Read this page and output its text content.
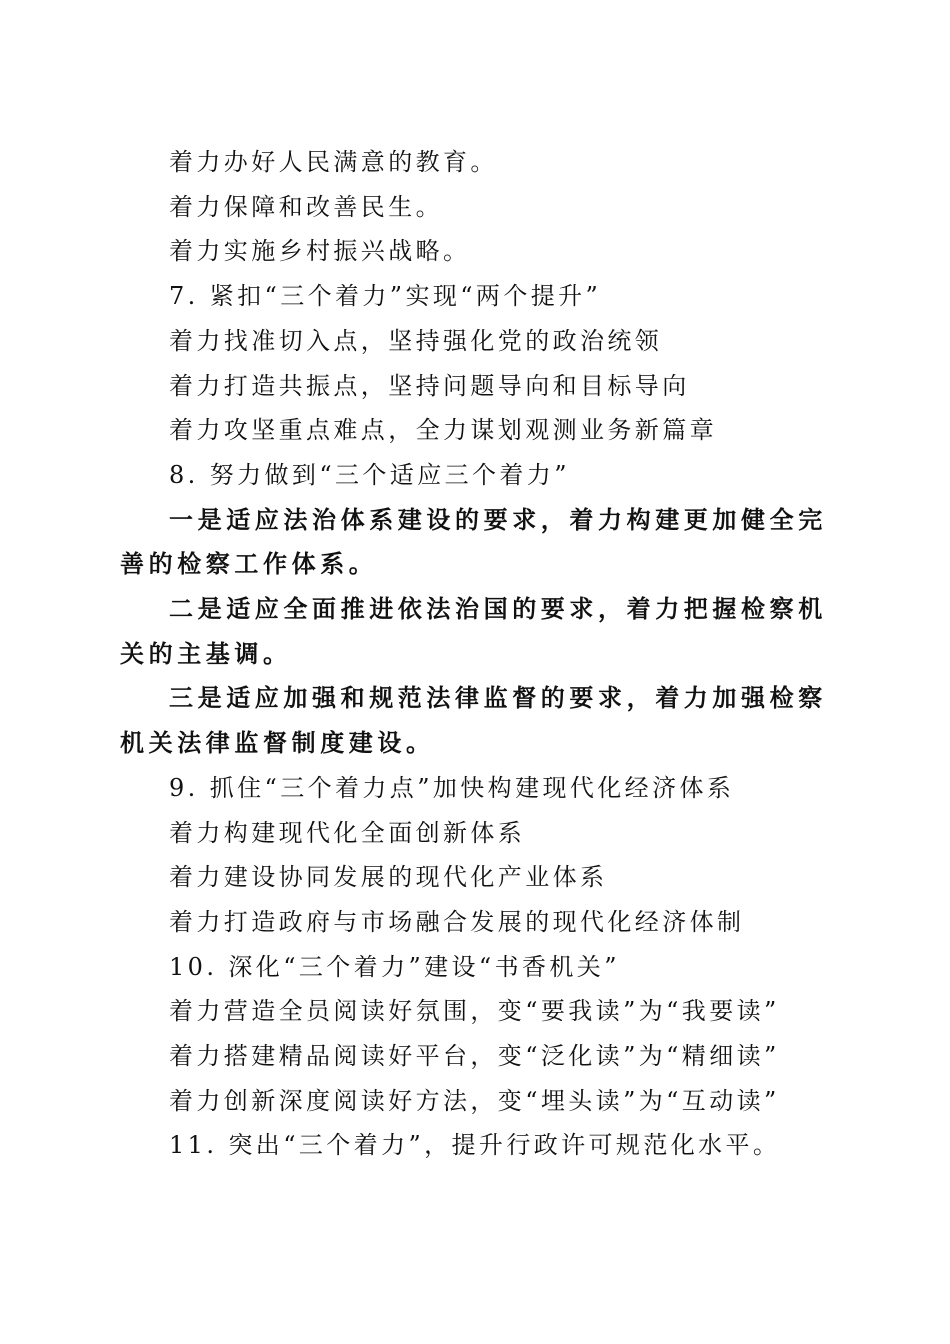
着力办好人民满意的教育。
着力保障和改善民生。
着力实施乡村振兴战略。
7. 紧扣“三个着力”实现“两个提升”
着力找准切入点，坚持强化党的政治统领
着力打造共振点，坚持问题导向和目标导向
着力攻坚重点难点，全力谋划观测业务新篇章
8. 努力做到“三个适应三个着力”
一是适应法治体系建设的要求，着力构建更加健全完善的检察工作体系。
二是适应全面推进依法治国的要求，着力把握检察机关的主基调。
三是适应加强和规范法律监督的要求，着力加强检察机关法律监督制度建设。
9. 抓住“三个着力点”加快构建现代化经济体系
着力构建现代化全面创新体系
着力建设协同发展的现代化产业体系
着力打造政府与市场融合发展的现代化经济体制
10. 深化“三个着力”建设“书香机关”
着力营造全员阅读好氛围，变“要我读”为“我要读”
着力搭建精品阅读好平台，变“泛化读”为“精细读”
着力创新深度阅读好方法，变“埋头读”为“互动读”
11. 突出“三个着力”，提升行政许可规范化水平。
